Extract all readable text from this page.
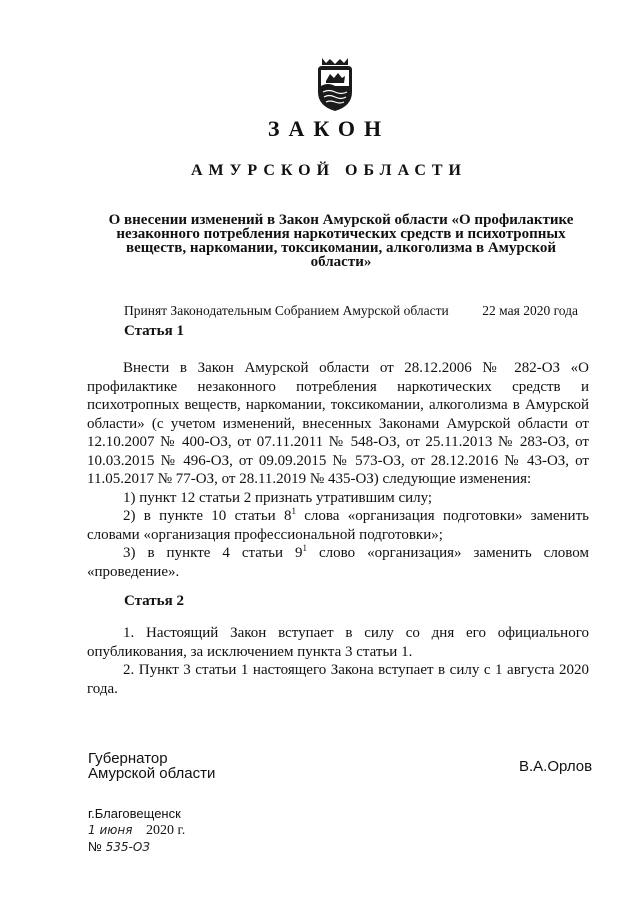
ЗАКОН
АМУРСКОЙ ОБЛАСТИ
О внесении изменений в Закон Амурской области «О профилактике незаконного потребления наркотических средств и психотропных веществ, наркомании, токсикомании, алкоголизма в Амурской области»
Принят Законодательным Собранием Амурской области 22 мая 2020 года
Статья 1

Внести в Закон Амурской области от 28.12.2006 № 282-ОЗ «О профилактике незаконного потребления наркотических средств и психотропных веществ, наркомании, токсикомании, алкоголизма в Амурской области» (с учетом изменений, внесенных Законами Амурской области от 12.10.2007 № 400-ОЗ, от 07.11.2011 № 548-ОЗ, от 25.11.2013 № 283-ОЗ, от 10.03.2015 № 496-ОЗ, от 09.09.2015 № 573-ОЗ, от 28.12.2016 № 43-ОЗ, от 11.05.2017 № 77-ОЗ, от 28.11.2019 № 435-ОЗ) следующие изменения:

1) пункт 12 статьи 2 признать утратившим силу;

2) в пункте 10 статьи $8^1$ слова «организация подготовки» заменить словами «организация профессиональной подготовки»;

3) в пункте 4 статьи $9^1$ слово «организация» заменить словом «проведение».

Статья 2

1. Настоящий Закон вступает в силу со дня его официального опубликования, за исключением пункта 3 статьи 1.

2. Пункт 3 статьи 1 настоящего Закона вступает в силу с 1 августа 2020 года.

Губернатор
Амурской области	В.А.Орлов
г.Благовещенск
1 июня 2020 г.
№ 535-ОЗ
